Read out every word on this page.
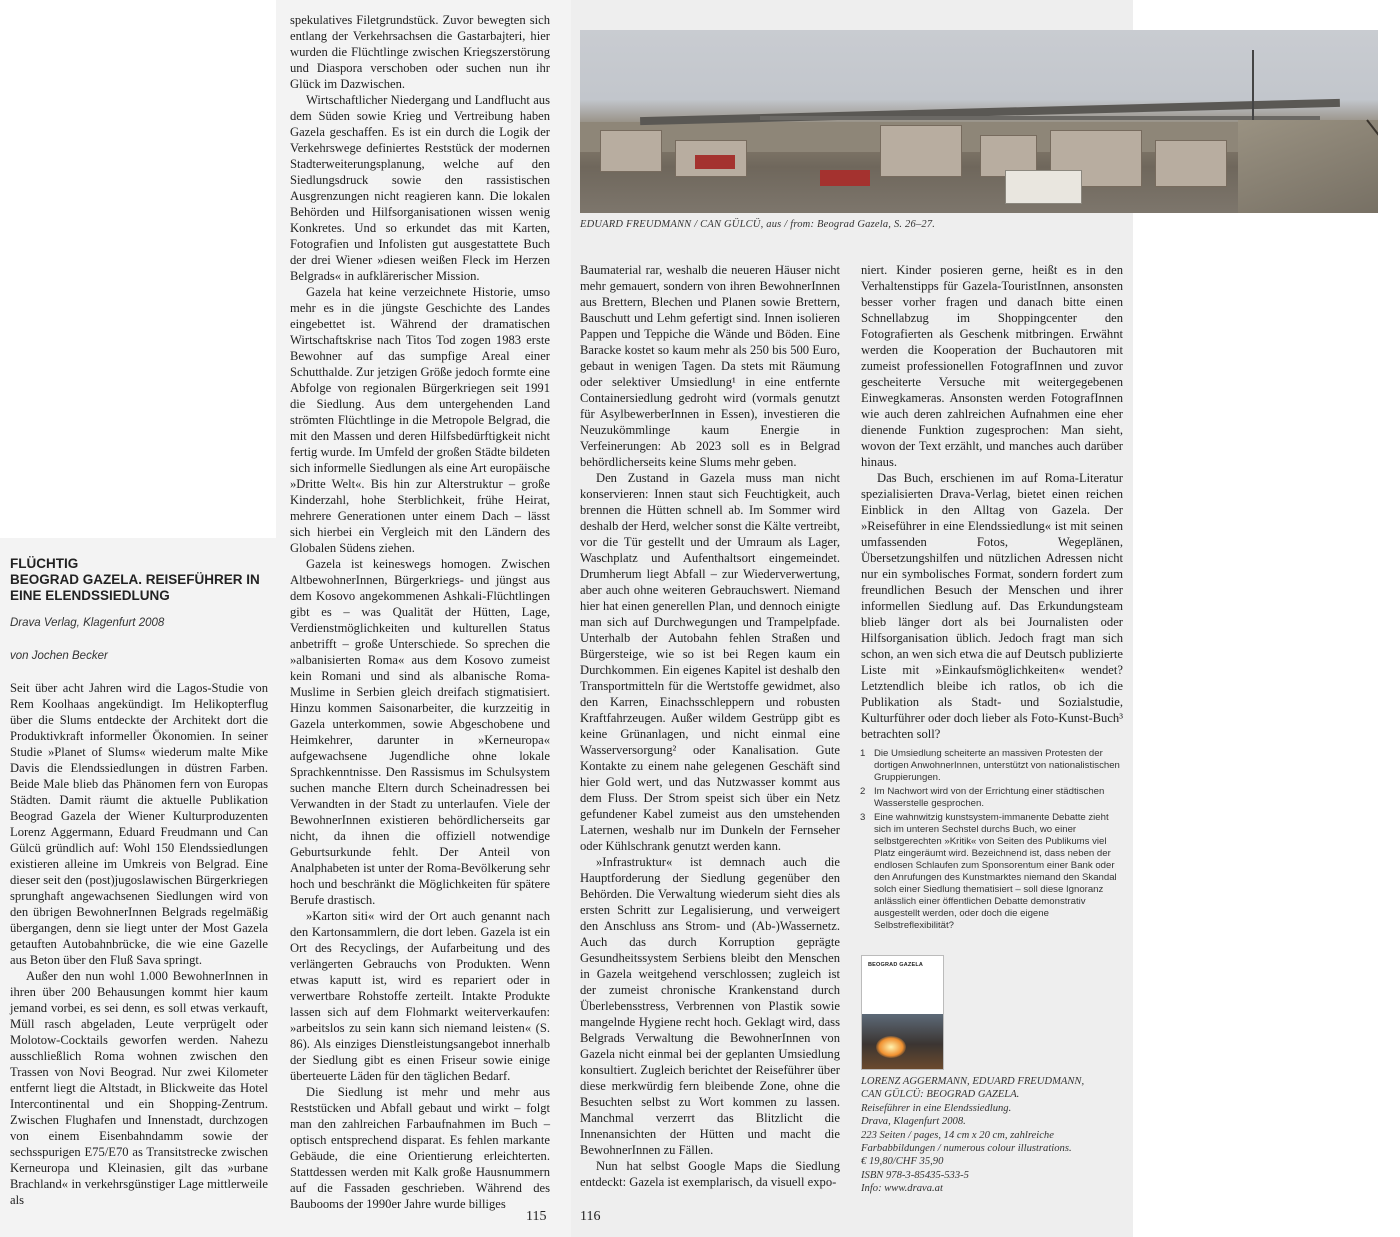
FLÜCHTIG
BEOGRAD GAZELA. REISEFÜHRER IN EINE ELENDSSIEDLUNG
Drava Verlag, Klagenfurt 2008
von Jochen Becker

Seit über acht Jahren wird die Lagos-Studie von Rem Koolhaas angekündigt. Im Helikopterflug über die Slums entdeckte der Architekt dort die Produktivkraft informeller Ökonomien. In seiner Studie »Planet of Slums« wiederum malte Mike Davis die Elendssiedlungen in düstren Farben. Beide Male blieb das Phänomen fern von Europas Städten. Damit räumt die aktuelle Publikation Beograd Gazela der Wiener Kulturproduzenten Lorenz Aggermann, Eduard Freudmann und Can Gülcü gründlich auf: Wohl 150 Elendssiedlungen existieren alleine im Umkreis von Belgrad. Eine dieser seit den (post)jugoslawischen Bürgerkriegen sprunghaft angewachsenen Siedlungen wird von den übrigen BewohnerInnen Belgrads regelmäßig übergangen, denn sie liegt unter der Most Gazela getauften Autobahnbrücke, die wie eine Gazelle aus Beton über den Fluß Sava springt.

Außer den nun wohl 1.000 BewohnerInnen in ihren über 200 Behausungen kommt hier kaum jemand vorbei, es sei denn, es soll etwas verkauft, Müll rasch abgeladen, Leute verprügelt oder Molotow-Cocktails geworfen werden. Nahezu ausschließlich Roma wohnen zwischen den Trassen von Novi Beograd. Nur zwei Kilometer entfernt liegt die Altstadt, in Blickweite das Hotel Intercontinental und ein Shopping-Zentrum. Zwischen Flughafen und Innenstadt, durchzogen von einem Eisenbahndamm sowie der sechsspurigen E75/E70 as Transitstrecke zwischen Kerneuropa und Kleinasien, gilt das »urbane Brachland« in verkehrsgünstiger Lage mittlerweile als

spekulatives Filetgrundstück. Zuvor bewegten sich entlang der Verkehrsachsen die Gastarbajteri, hier wurden die Flüchtlinge zwischen Kriegszerstörung und Diaspora verschoben oder suchen nun ihr Glück im Dazwischen.

Wirtschaftlicher Niedergang und Landflucht aus dem Süden sowie Krieg und Vertreibung haben Gazela geschaffen. Es ist ein durch die Logik der Verkehrswege definiertes Reststück der modernen Stadterweiterungsplanung, welche auf den Siedlungsdruck sowie den rassistischen Ausgrenzungen nicht reagieren kann. Die lokalen Behörden und Hilfsorganisationen wissen wenig Konkretes. Und so erkundet das mit Karten, Fotografien und Infolisten gut ausgestattete Buch der drei Wiener »diesen weißen Fleck im Herzen Belgrads« in aufklärerischer Mission.

Gazela hat keine verzeichnete Historie, umso mehr es in die jüngste Geschichte des Landes eingebettet ist. Während der dramatischen Wirtschaftskrise nach Titos Tod zogen 1983 erste Bewohner auf das sumpfige Areal einer Schutthalde. Zur jetzigen Größe jedoch formte eine Abfolge von regionalen Bürgerkriegen seit 1991 die Siedlung. Aus dem untergehenden Land strömten Flüchtlinge in die Metropole Belgrad, die mit den Massen und deren Hilfsbedürftigkeit nicht fertig wurde. Im Umfeld der großen Städte bildeten sich informelle Siedlungen als eine Art europäische »Dritte Welt«. Bis hin zur Alterstruktur – große Kinderzahl, hohe Sterblichkeit, frühe Heirat, mehrere Generationen unter einem Dach – lässt sich hierbei ein Vergleich mit den Ländern des Globalen Südens ziehen.

Gazela ist keineswegs homogen. Zwischen AltbewohnerInnen, Bürgerkriegs- und jüngst aus dem Kosovo angekommenen Ashkali-Flüchtlingen gibt es – was Qualität der Hütten, Lage, Verdienstmöglichkeiten und kulturellen Status anbetrifft – große Unterschiede. So sprechen die »albanisierten Roma« aus dem Kosovo zumeist kein Romani und sind als albanische Roma-Muslime in Serbien gleich dreifach stigmatisiert. Hinzu kommen Saisonarbeiter, die kurzzeitig in Gazela unterkommen, sowie Abgeschobene und Heimkehrer, darunter in »Kerneuropa« aufgewachsene Jugendliche ohne lokale Sprachkenntnisse. Den Rassismus im Schulsystem suchen manche Eltern durch Scheinadressen bei Verwandten in der Stadt zu unterlaufen. Viele der BewohnerInnen existieren behördlicherseits gar nicht, da ihnen die offiziell notwendige Geburtsurkunde fehlt. Der Anteil von Analphabeten ist unter der Roma-Bevölkerung sehr hoch und beschränkt die Möglichkeiten für spätere Berufe drastisch.

»Karton siti« wird der Ort auch genannt nach den Kartonsammlern, die dort leben. Gazela ist ein Ort des Recyclings, der Aufarbeitung und des verlängerten Gebrauchs von Produkten. Wenn etwas kaputt ist, wird es repariert oder in verwertbare Rohstoffe zerteilt. Intakte Produkte lassen sich auf dem Flohmarkt weiterverkaufen: »arbeitslos zu sein kann sich niemand leisten« (S. 86). Als einziges Dienstleistungsangebot innerhalb der Siedlung gibt es einen Friseur sowie einige überteuerte Läden für den täglichen Bedarf.

Die Siedlung ist mehr und mehr aus Reststücken und Abfall gebaut und wirkt – folgt man den zahlreichen Farbaufnahmen im Buch – optisch entsprechend disparat. Es fehlen markante Gebäude, die eine Orientierung erleichterten. Stattdessen werden mit Kalk große Hausnummern auf die Fassaden geschrieben. Während des Baubooms der 1990er Jahre wurde billiges

EDUARD FREUDMANN / CAN GÜLCÜ, aus / from: Beograd Gazela, S. 26–27.

Baumaterial rar, weshalb die neueren Häuser nicht mehr gemauert, sondern von ihren BewohnerInnen aus Brettern, Blechen und Planen sowie Brettern, Bauschutt und Lehm gefertigt sind. Innen isolieren Pappen und Teppiche die Wände und Böden. Eine Baracke kostet so kaum mehr als 250 bis 500 Euro, gebaut in wenigen Tagen. Da stets mit Räumung oder selektiver Umsiedlung¹ in eine entfernte Containersiedlung gedroht wird (vormals genutzt für AsylbewerberInnen in Essen), investieren die Neuzukömmlinge kaum Energie in Verfeinerungen: Ab 2023 soll es in Belgrad behördlicherseits keine Slums mehr geben.

Den Zustand in Gazela muss man nicht konservieren: Innen staut sich Feuchtigkeit, auch brennen die Hütten schnell ab. Im Sommer wird deshalb der Herd, welcher sonst die Kälte vertreibt, vor die Tür gestellt und der Umraum als Lager, Waschplatz und Aufenthaltsort eingemeindet. Drumherum liegt Abfall – zur Wiederverwertung, aber auch ohne weiteren Gebrauchswert. Niemand hier hat einen generellen Plan, und dennoch einigte man sich auf Durchwegungen und Trampelpfade. Unterhalb der Autobahn fehlen Straßen und Bürgersteige, wie so ist bei Regen kaum ein Durchkommen. Ein eigenes Kapitel ist deshalb den Transportmitteln für die Wertstoffe gewidmet, also den Karren, Einachsschleppern und robusten Kraftfahrzeugen. Außer wildem Gestrüpp gibt es keine Grünanlagen, und nicht einmal eine Wasserversorgung² oder Kanalisation. Gute Kontakte zu einem nahe gelegenen Geschäft sind hier Gold wert, und das Nutzwasser kommt aus dem Fluss. Der Strom speist sich über ein Netz gefundener Kabel zumeist aus den umstehenden Laternen, weshalb nur im Dunkeln der Fernseher oder Kühlschrank genutzt werden kann.

»Infrastruktur« ist demnach auch die Hauptforderung der Siedlung gegenüber den Behörden. Die Verwaltung wiederum sieht dies als ersten Schritt zur Legalisierung, und verweigert den Anschluss ans Strom- und (Ab-)Wassernetz. Auch das durch Korruption geprägte Gesundheitssystem Serbiens bleibt den Menschen in Gazela weitgehend verschlossen; zugleich ist der zumeist chronische Krankenstand durch Überlebensstress, Verbrennen von Plastik sowie mangelnde Hygiene recht hoch. Geklagt wird, dass Belgrads Verwaltung die BewohnerInnen von Gazela nicht einmal bei der geplanten Umsiedlung konsultiert. Zugleich berichtet der Reiseführer über diese merkwürdig fern bleibende Zone, ohne die Besuchten selbst zu Wort kommen zu lassen. Manchmal verzerrt das Blitzlicht die Innenansichten der Hütten und macht die BewohnerInnen zu Fällen.

Nun hat selbst Google Maps die Siedlung entdeckt: Gazela ist exemplarisch, da visuell expo-

niert. Kinder posieren gerne, heißt es in den Verhaltenstipps für Gazela-TouristInnen, ansonsten besser vorher fragen und danach bitte einen Schnellabzug im Shoppingcenter den Fotografierten als Geschenk mitbringen. Erwähnt werden die Kooperation der Buchautoren mit zumeist professionellen FotografInnen und zuvor gescheiterte Versuche mit weitergegebenen Einwegkameras. Ansonsten werden FotografInnen wie auch deren zahlreichen Aufnahmen eine eher dienende Funktion zugesprochen: Man sieht, wovon der Text erzählt, und manches auch darüber hinaus.

Das Buch, erschienen im auf Roma-Literatur spezialisierten Drava-Verlag, bietet einen reichen Einblick in den Alltag von Gazela. Der »Reiseführer in eine Elendssiedlung« ist mit seinen umfassenden Fotos, Wegeplänen, Übersetzungshilfen und nützlichen Adressen nicht nur ein symbolisches Format, sondern fordert zum freundlichen Besuch der Menschen und ihrer informellen Siedlung auf. Das Erkundungsteam blieb länger dort als bei Journalisten oder Hilfsorganisation üblich. Jedoch fragt man sich schon, an wen sich etwa die auf Deutsch publizierte Liste mit »Einkaufsmöglichkeiten« wendet? Letztendlich bleibe ich ratlos, ob ich die Publikation als Stadt- und Sozialstudie, Kulturführer oder doch lieber als Foto-Kunst-Buch³ betrachten soll?

1 Die Umsiedlung scheiterte an massiven Protesten der dortigen AnwohnerInnen, unterstützt von nationalistischen Gruppierungen.
2 Im Nachwort wird von der Errichtung einer städtischen Wasserstelle gesprochen.
3 Eine wahnwitzig kunstsystem-immanente Debatte zieht sich im unteren Sechstel durchs Buch, wo einer selbstgerechten »Kritik« von Seiten des Publikums viel Platz eingeräumt wird. Bezeichnend ist, dass neben der endlosen Schlaufen zum Sponsorentum einer Bank oder den Anrufungen des Kunstmarktes niemand den Skandal solch einer Siedlung thematisiert – soll diese Ignoranz anlässlich einer öffentlichen Debatte demonstrativ ausgestellt werden, oder doch die eigene Selbstreflexibilität?
BEOGRAD GAZELA
LORENZ AGGERMANN, EDUARD FREUDMANN,
CAN GÜLCÜ: BEOGRAD GAZELA.
Reiseführer in eine Elendssiedlung.
Drava, Klagenfurt 2008.
223 Seiten / pages, 14 cm x 20 cm, zahlreiche
Farbabbildungen / numerous colour illustrations.
€ 19,80/CHF 35,90
ISBN 978-3-85435-533-5
Info: www.drava.at
115 116
